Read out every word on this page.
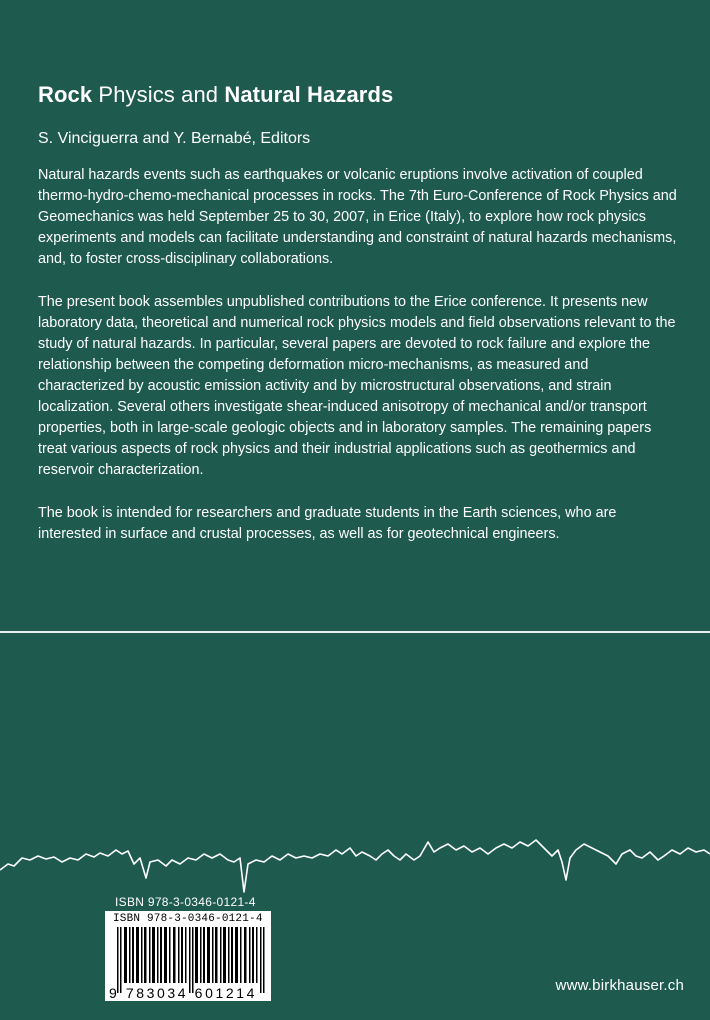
Rock Physics and Natural Hazards
S. Vinciguerra and Y. Bernabé, Editors

Natural hazards events such as earthquakes or volcanic eruptions involve activation of coupled thermo-hydro-chemo-mechanical processes in rocks. The 7th Euro-Conference of Rock Physics and Geomechanics was held September 25 to 30, 2007, in Erice (Italy), to explore how rock physics experiments and models can facilitate understanding and constraint of natural hazards mechanisms, and, to foster cross-disciplinary collaborations.

The present book assembles unpublished contributions to the Erice conference. It presents new laboratory data, theoretical and numerical rock physics models and field observations relevant to the study of natural hazards. In particular, several papers are devoted to rock failure and explore the relationship between the competing deformation micro-mechanisms, as measured and characterized by acoustic emission activity and by microstructural observations, and strain localization. Several others investigate shear-induced anisotropy of mechanical and/or transport properties, both in large-scale geologic objects and in laboratory samples. The remaining papers treat various aspects of rock physics and their industrial applications such as geothermics and reservoir characterization.

The book is intended for researchers and graduate students in the Earth sciences, who are interested in surface and crustal processes, as well as for geotechnical engineers.

ISBN 978-3-0346-0121-4
ISBN 978-3-0346-0121-4
9 783034 601214	www.birkhauser.ch
